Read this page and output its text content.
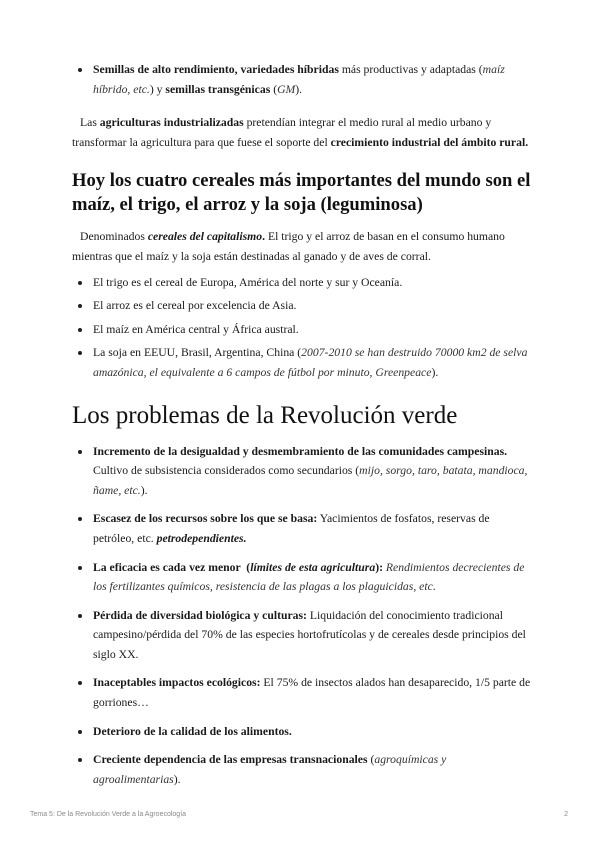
Semillas de alto rendimiento, variedades híbridas más productivas y adaptadas (maíz híbrido, etc.) y semillas transgénicas (GM).

Las agriculturas industrializadas pretendían integrar el medio rural al medio urbano y transformar la agricultura para que fuese el soporte del crecimiento industrial del ámbito rural.

Hoy los cuatro cereales más importantes del mundo son el maíz, el trigo, el arroz y la soja (leguminosa)

Denominados cereales del capitalismo. El trigo y el arroz de basan en el consumo humano mientras que el maíz y la soja están destinadas al ganado y de aves de corral.

El trigo es el cereal de Europa, América del norte y sur y Oceanía.
El arroz es el cereal por excelencia de Asia.
El maíz en América central y África austral.
La soja en EEUU, Brasil, Argentina, China (2007-2010 se han destruido 70000 km2 de selva amazónica, el equivalente a 6 campos de fútbol por minuto, Greenpeace).
Los problemas de la Revolución verde
Incremento de la desigualdad y desmembramiento de las comunidades campesinas. Cultivo de subsistencia considerados como secundarios (mijo, sorgo, taro, batata, mandioca, ñame, etc.).
Escasez de los recursos sobre los que se basa: Yacimientos de fosfatos, reservas de petróleo, etc. petrodependientes.
La eficacia es cada vez menor  (límites de esta agricultura): Rendimientos decrecientes de los fertilizantes químicos, resistencia de las plagas a los plaguicidas, etc.
Pérdida de diversidad biológica y culturas: Liquidación del conocimiento tradicional campesino/pérdida del 70% de las especies hortofrutícolas y de cereales desde principios del siglo XX.
Inaceptables impactos ecológicos: El 75% de insectos alados han desaparecido, 1/5 parte de gorriones…
Deterioro de la calidad de los alimentos.
Creciente dependencia de las empresas transnacionales (agroquímicas y agroalimentarias).
Tema 5: De la Revolución Verde a la Agroecología	2
